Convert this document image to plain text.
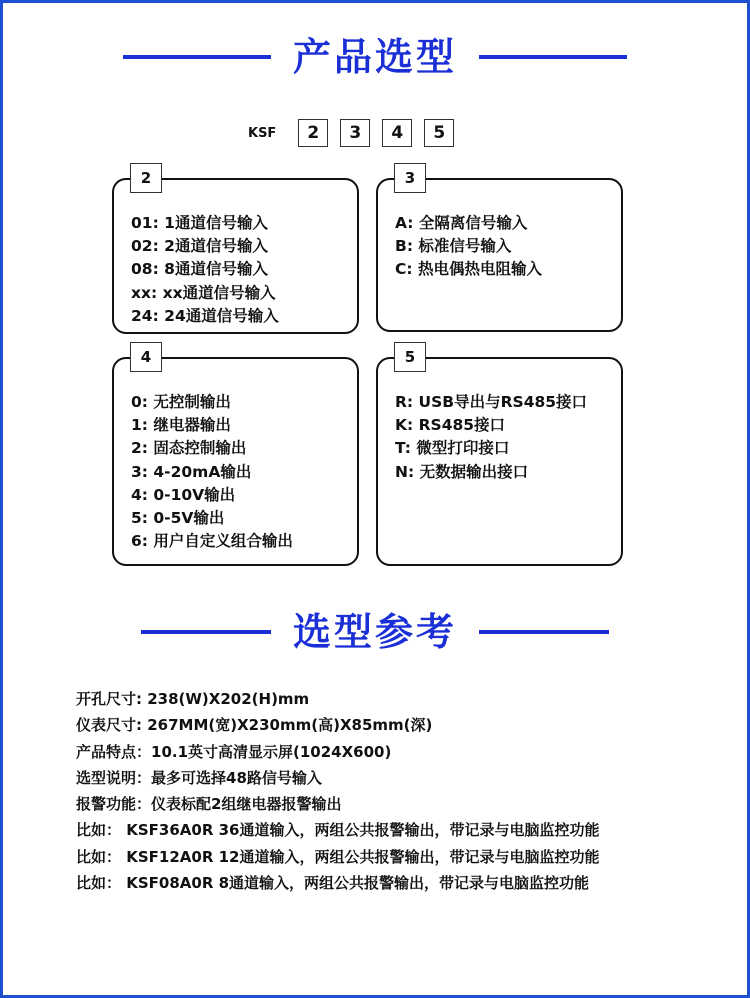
产品选型
KSF	2	3	4	5
2
01: 1通道信号输入
02: 2通道信号输入
08: 8通道信号输入
xx: xx通道信号输入
24: 24通道信号输入
3
A: 全隔离信号输入
B: 标准信号输入
C: 热电偶热电阻输入
4
0: 无控制输出
1: 继电器输出
2: 固态控制输出
3: 4-20mA输出
4: 0-10V输出
5: 0-5V输出
6: 用户自定义组合输出
5
R: USB导出与RS485接口
K: RS485接口
T: 微型打印接口
N: 无数据输出接口
选型参考
开孔尺寸: 238(W)X202(H)mm
仪表尺寸: 267MM(宽)X230mm(高)X85mm(深)
产品特点：10.1英寸高清显示屏(1024X600)
选型说明：最多可选择48路信号输入
报警功能：仪表标配2组继电器报警输出
比如： KSF36A0R 36通道输入，两组公共报警输出，带记录与电脑监控功能
比如： KSF12A0R 12通道输入，两组公共报警输出，带记录与电脑监控功能
比如： KSF08A0R 8通道输入，两组公共报警输出，带记录与电脑监控功能
